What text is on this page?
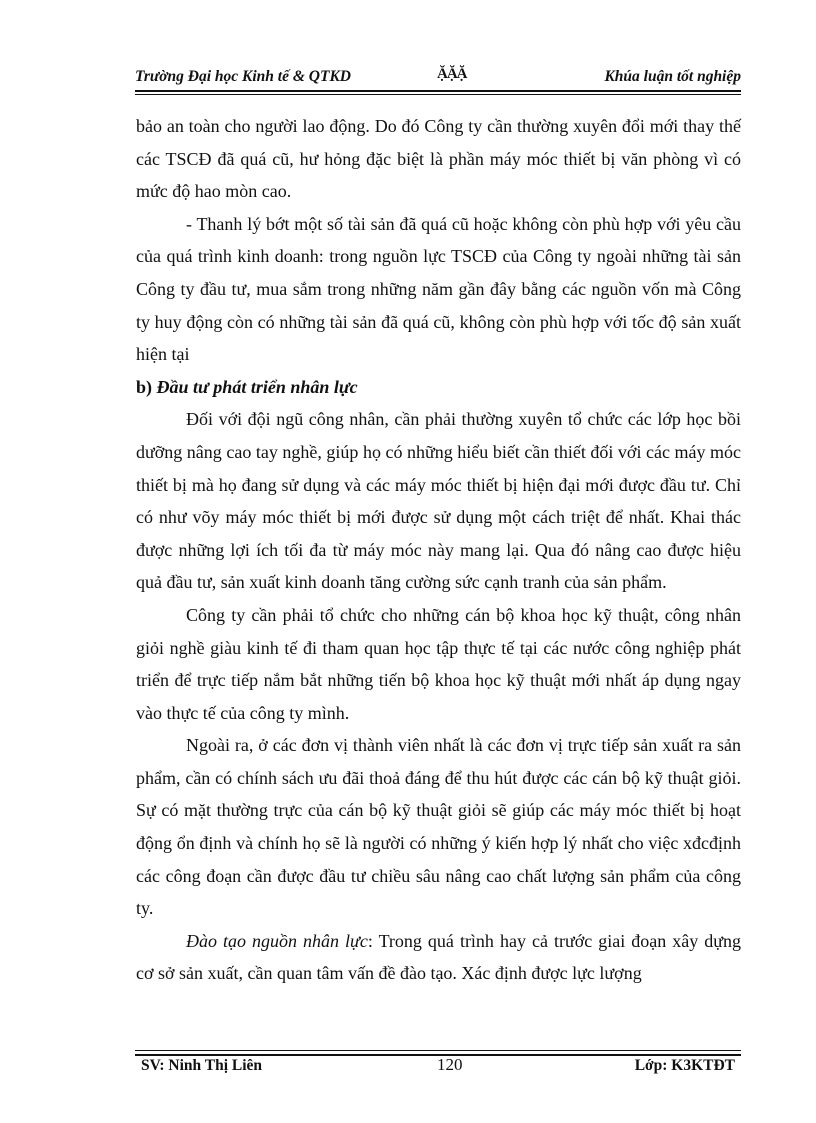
Trường Đại học Kinh tế & QTKD	ẶẶẶ	Khúa luận tốt nghiệp

bảo an toàn cho người lao động. Do đó Công ty cần thường xuyên đổi mới thay thế các TSCĐ đã quá cũ, hư hỏng đặc biệt là phần máy móc thiết bị văn phòng vì có mức độ hao mòn cao.

- Thanh lý bớt một số tài sản đã quá cũ hoặc không còn phù hợp với yêu cầu của quá trình kinh doanh: trong nguồn lực TSCĐ của Công ty ngoài những tài sản Công ty đầu tư, mua sắm trong những năm gần đây bằng các nguồn vốn mà Công ty huy động còn có những tài sản đã quá cũ, không còn phù hợp với tốc độ sản xuất hiện tại

b) Đầu tư phát triển nhân lực

Đối với đội ngũ công nhân, cần phải thường xuyên tổ chức các lớp học bồi dưỡng nâng cao tay nghề, giúp họ có những hiểu biết cần thiết đối với các máy móc thiết bị mà họ đang sử dụng và các máy móc thiết bị hiện đại mới được đầu tư. Chỉ có như võy máy móc thiết bị mới được sử dụng một cách triệt để nhất. Khai thác được những lợi ích tối đa từ máy móc này mang lại. Qua đó nâng cao được hiệu quả đầu tư, sản xuất kinh doanh tăng cường sức cạnh tranh của sản phẩm.

Công ty cần phải tổ chức cho những cán bộ khoa học kỹ thuật, công nhân giỏi nghề giàu kinh tế đi tham quan học tập thực tế tại các nước công nghiệp phát triển để trực tiếp nắm bắt những tiến bộ khoa học kỹ thuật mới nhất áp dụng ngay vào thực tế của công ty mình.

Ngoài ra, ở các đơn vị thành viên nhất là các đơn vị trực tiếp sản xuất ra sản phẩm, cần có chính sách ưu đãi thoả đáng để thu hút được các cán bộ kỹ thuật giỏi. Sự có mặt thường trực của cán bộ kỹ thuật giỏi sẽ giúp các máy móc thiết bị hoạt động ổn định và chính họ sẽ là người có những ý kiến hợp lý nhất cho việc xđcđịnh các công đoạn cần được đầu tư chiều sâu nâng cao chất lượng sản phẩm của công ty.

Đào tạo nguồn nhân lực: Trong quá trình hay cả trước giai đoạn xây dựng cơ sở sản xuất, cần quan tâm vấn đề đào tạo. Xác định được lực lượng

SV: Ninh Thị Liên	120	Lớp: K3KTĐT
